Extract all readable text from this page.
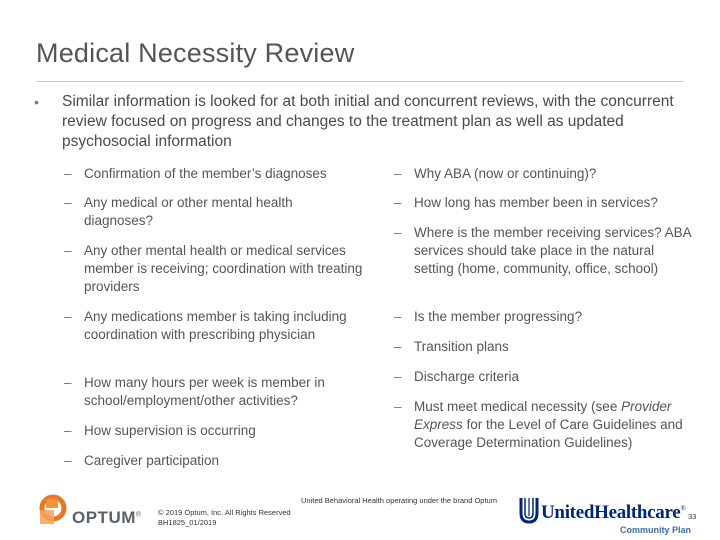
Medical Necessity Review
• Similar information is looked for at both initial and concurrent reviews, with the concurrent review focused on progress and changes to the treatment plan as well as updated psychosocial information
– Confirmation of the member’s diagnoses
– Any medical or other mental health diagnoses?
– Any other mental health or medical services member is receiving; coordination with treating providers
– Any medications member is taking including coordination with prescribing physician
– How many hours per week is member in school/employment/other activities?
– How supervision is occurring
– Caregiver participation
– Why ABA (now or continuing)?
– How long has member been in services?
– Where is the member receiving services? ABA services should take place in the natural setting (home, community, office, school)
– Is the member progressing?
– Transition plans
– Discharge criteria
– Must meet medical necessity (see Provider Express for the Level of Care Guidelines and Coverage Determination Guidelines)
United Behavioral Health operating under the brand Optum
OPTUM® © 2019 Optum, Inc. All Rights Reserved
BH1825_01/2019	UnitedHealthcare®
Community Plan
33
